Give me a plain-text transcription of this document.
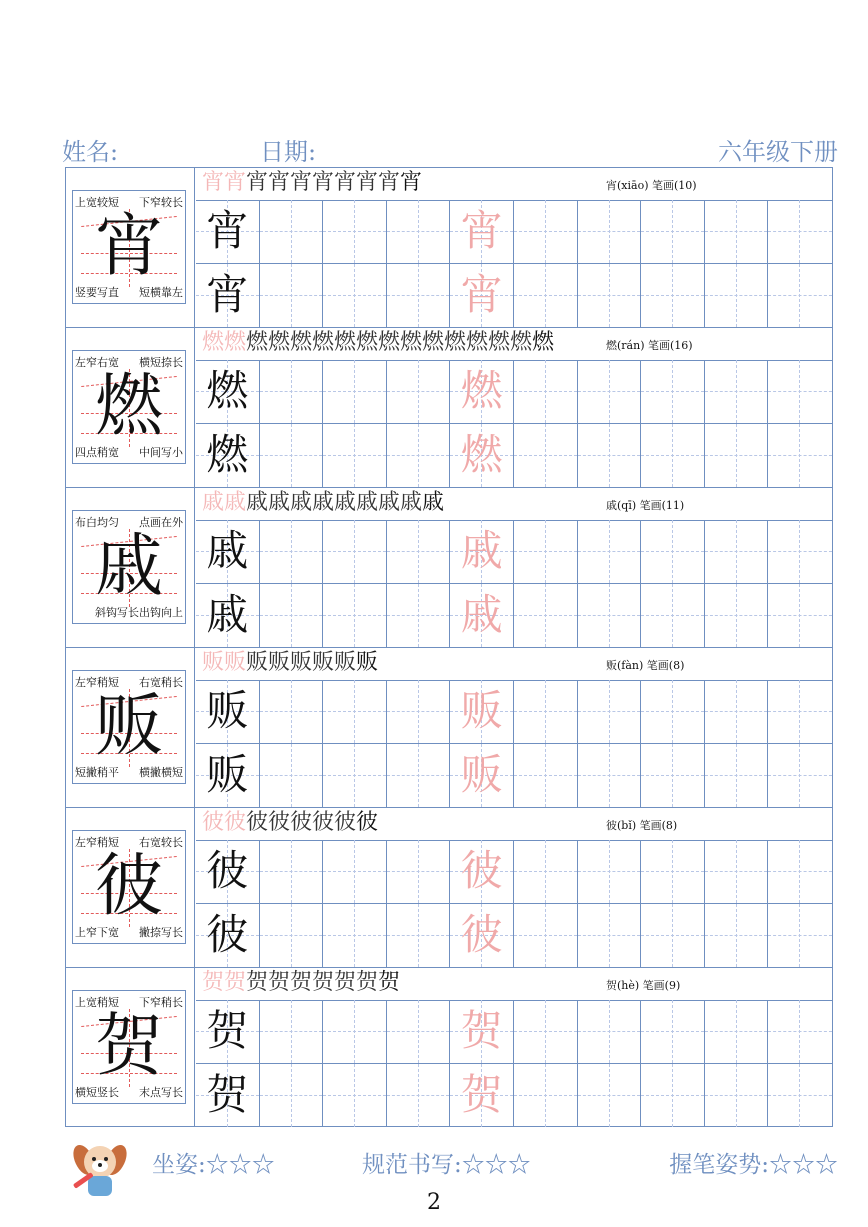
姓名:	日期:	六年级下册
宵
上宽较短 下窄较长
竖要写直 短横靠左
宵宵宵宵宵宵宵宵宵宵	宵(xiāo) 笔画(10)
宵	宵
宵	宵
燃
左窄右宽 横短捺长
四点稍宽 中间写小
燃燃燃燃燃燃燃燃燃燃燃燃燃燃燃燃	燃(rán) 笔画(16)
燃	燃
燃	燃
戚
布白均匀 点画在外
斜钩写长出钩向上
戚戚戚戚戚戚戚戚戚戚戚	戚(qī) 笔画(11)
戚	戚
戚	戚
贩
左窄稍短 右宽稍长
短撇稍平 横撇横短
贩贩贩贩贩贩贩贩	贩(fàn) 笔画(8)
贩	贩
贩	贩
彼
左窄稍短 右宽较长
上窄下宽 撇捺写长
彼彼彼彼彼彼彼彼	彼(bǐ) 笔画(8)
彼	彼
彼	彼
贺
上宽稍短 下窄稍长
横短竖长 末点写长
贺贺贺贺贺贺贺贺贺	贺(hè) 笔画(9)
贺	贺
贺	贺
坐姿:☆☆☆	规范书写:☆☆☆	握笔姿势:☆☆☆
2
